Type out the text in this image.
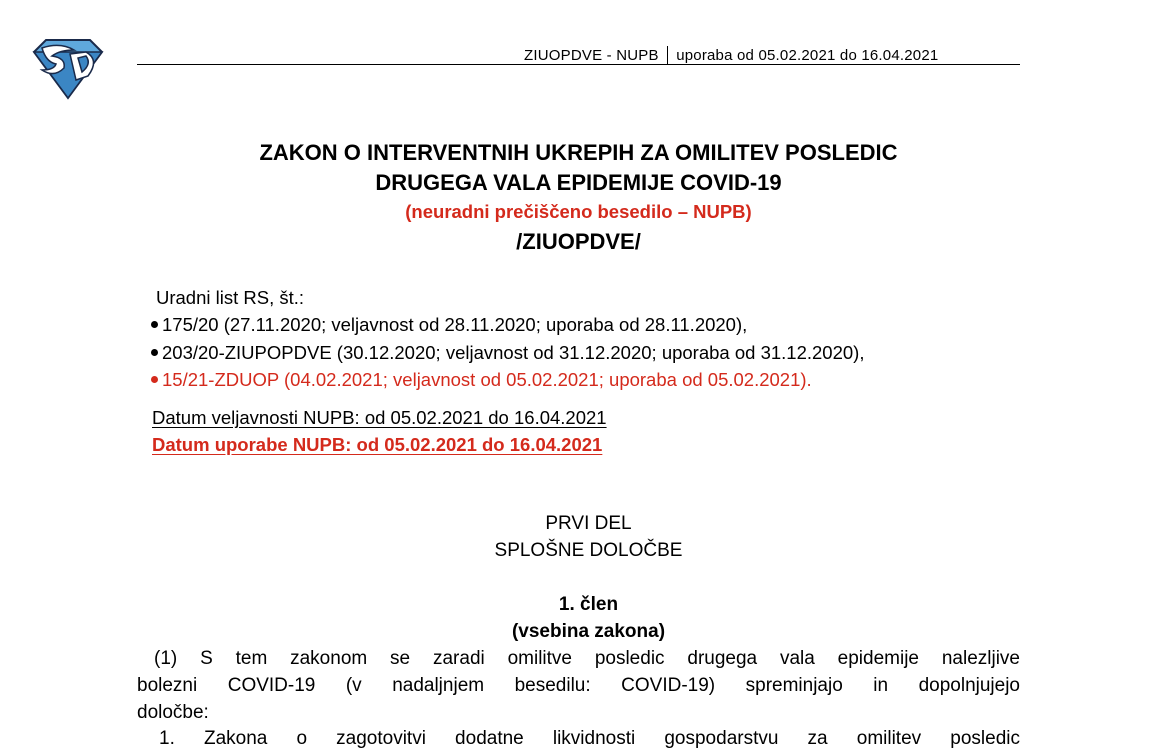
ZIUOPDVE - NUPB uporaba od 05.02.2021 do 16.04.2021
ZAKON O INTERVENTNIH UKREPIH ZA OMILITEV POSLEDIC
DRUGEGA VALA EPIDEMIJE COVID-19
(neuradni prečiščeno besedilo – NUPB)
/ZIUOPDVE/
Uradni list RS, št.:
175/20 (27.11.2020; veljavnost od 28.11.2020; uporaba od 28.11.2020),
203/20-ZIUPOPDVE (30.12.2020; veljavnost od 31.12.2020; uporaba od 31.12.2020),
15/21-ZDUOP (04.02.2021; veljavnost od 05.02.2021; uporaba od 05.02.2021).
Datum veljavnosti NUPB: od 05.02.2021 do 16.04.2021
Datum uporabe NUPB: od 05.02.2021 do 16.04.2021
PRVI DEL
SPLOŠNE DOLOČBE
1. člen
(vsebina zakona)
(1) S tem zakonom se zaradi omilitve posledic drugega vala epidemije nalezljive
bolezni COVID-19 (v nadaljnjem besedilu: COVID-19) spreminjajo in dopolnjujejo
določbe:
1. Zakona o zagotovitvi dodatne likvidnosti gospodarstvu za omilitev posledic
